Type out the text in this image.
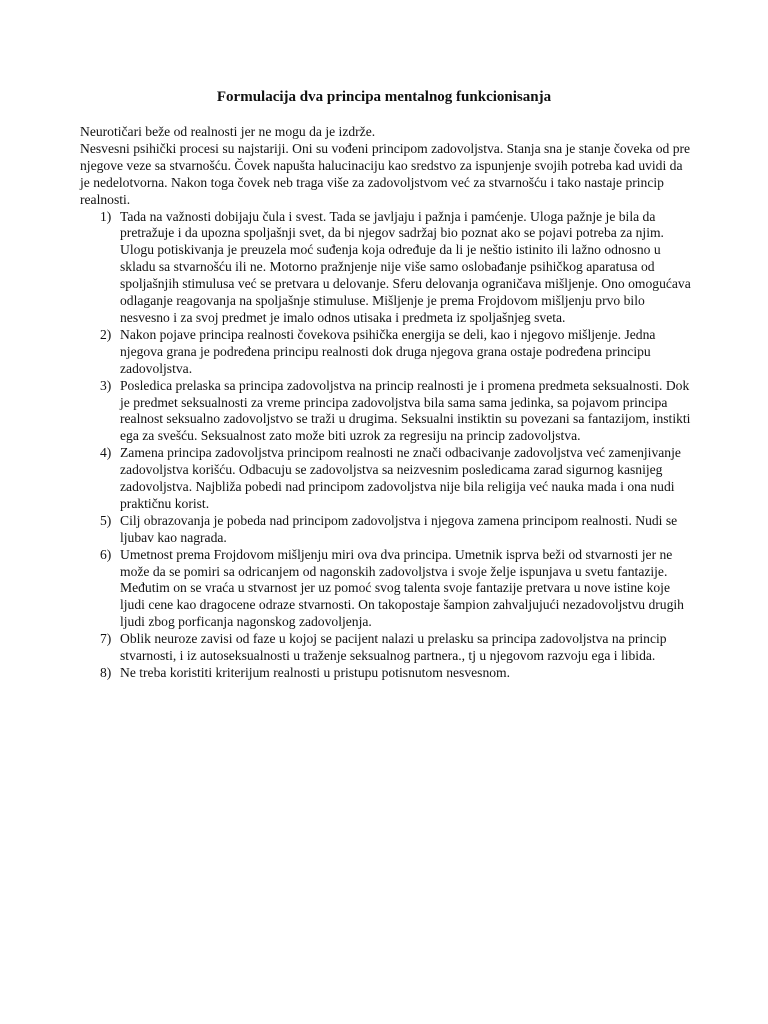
Formulacija dva principa mentalnog funkcionisanja

Neurotičari beže od realnosti jer ne mogu da je izdrže.

Nesvesni psihički procesi su najstariji. Oni su vođeni principom zadovoljstva. Stanja sna je stanje čoveka od pre njegove veze sa stvarnošću. Čovek napušta halucinaciju kao sredstvo za ispunjenje svojih potreba kad uvidi da je nedelotvorna. Nakon toga čovek neb traga više za zadovoljstvom već za stvarnošću i tako nastaje princip realnosti.

1) Tada na važnosti dobijaju čula i svest. Tada se javljaju i pažnja i pamćenje. Uloga pažnje je bila da pretražuje i da upozna spoljašnji svet, da bi njegov sadržaj bio poznat ako se pojavi potreba za njim. Ulogu potiskivanja je preuzela moć suđenja koja određuje da li je neštio istinito ili lažno odnosno u skladu sa stvarnošću ili ne. Motorno pražnjenje nije više samo oslobađanje psihičkog aparatusa od spoljašnjih stimulusa već se pretvara u delovanje. Sferu delovanja ograničava mišljenje. Ono omogućava odlaganje reagovanja na spoljašnje stimuluse. Mišljenje je prema Frojdovom mišljenju prvo bilo nesvesno i za svoj predmet je imalo odnos utisaka i predmeta iz spoljašnjeg sveta.
2) Nakon pojave principa realnosti čovekova psihička energija se deli, kao i njegovo mišljenje. Jedna njegova grana je podređena principu realnosti dok druga njegova grana ostaje podređena principu zadovoljstva.
3) Posledica prelaska sa principa zadovoljstva na princip realnosti je i promena predmeta seksualnosti. Dok je predmet seksualnosti za vreme principa zadovoljstva bila sama sama jedinka, sa pojavom principa realnost seksualno zadovoljstvo se traži u drugima. Seksualni instiktin su povezani sa fantazijom, instikti ega za svešću. Seksualnost zato može biti uzrok za regresiju na princip zadovoljstva.
4) Zamena principa zadovoljstva principom realnosti ne znači odbacivanje zadovoljstva već zamenjivanje zadovoljstva korišću. Odbacuju se zadovoljstva sa neizvesnim posledicama zarad sigurnog kasnijeg zadovoljstva. Najbliža pobedi nad principom zadovoljstva nije bila religija već nauka mada i ona nudi praktičnu korist.
5) Cilj obrazovanja je pobeda nad principom zadovoljstva i njegova zamena principom realnosti. Nudi se ljubav kao nagrada.
6) Umetnost prema Frojdovom mišljenju miri ova dva principa. Umetnik isprva beži od stvarnosti jer ne može da se pomiri sa odricanjem od nagonskih zadovoljstva i svoje želje ispunjava u svetu fantazije. Međutim on se vraća u stvarnost jer uz pomoć svog talenta svoje fantazije pretvara u nove istine koje ljudi cene kao dragocene odraze stvarnosti. On takopostaje šampion zahvaljujući nezadovoljstvu drugih ljudi zbog porficanja nagonskog zadovoljenja.
7) Oblik neuroze zavisi od faze u kojoj se pacijent nalazi u prelasku sa principa zadovoljstva na princip stvarnosti, i iz autoseksualnosti u traženje seksualnog partnera., tj u njegovom razvoju ega i libida.
8) Ne treba koristiti kriterijum realnosti u pristupu potisnutom nesvesnom.
